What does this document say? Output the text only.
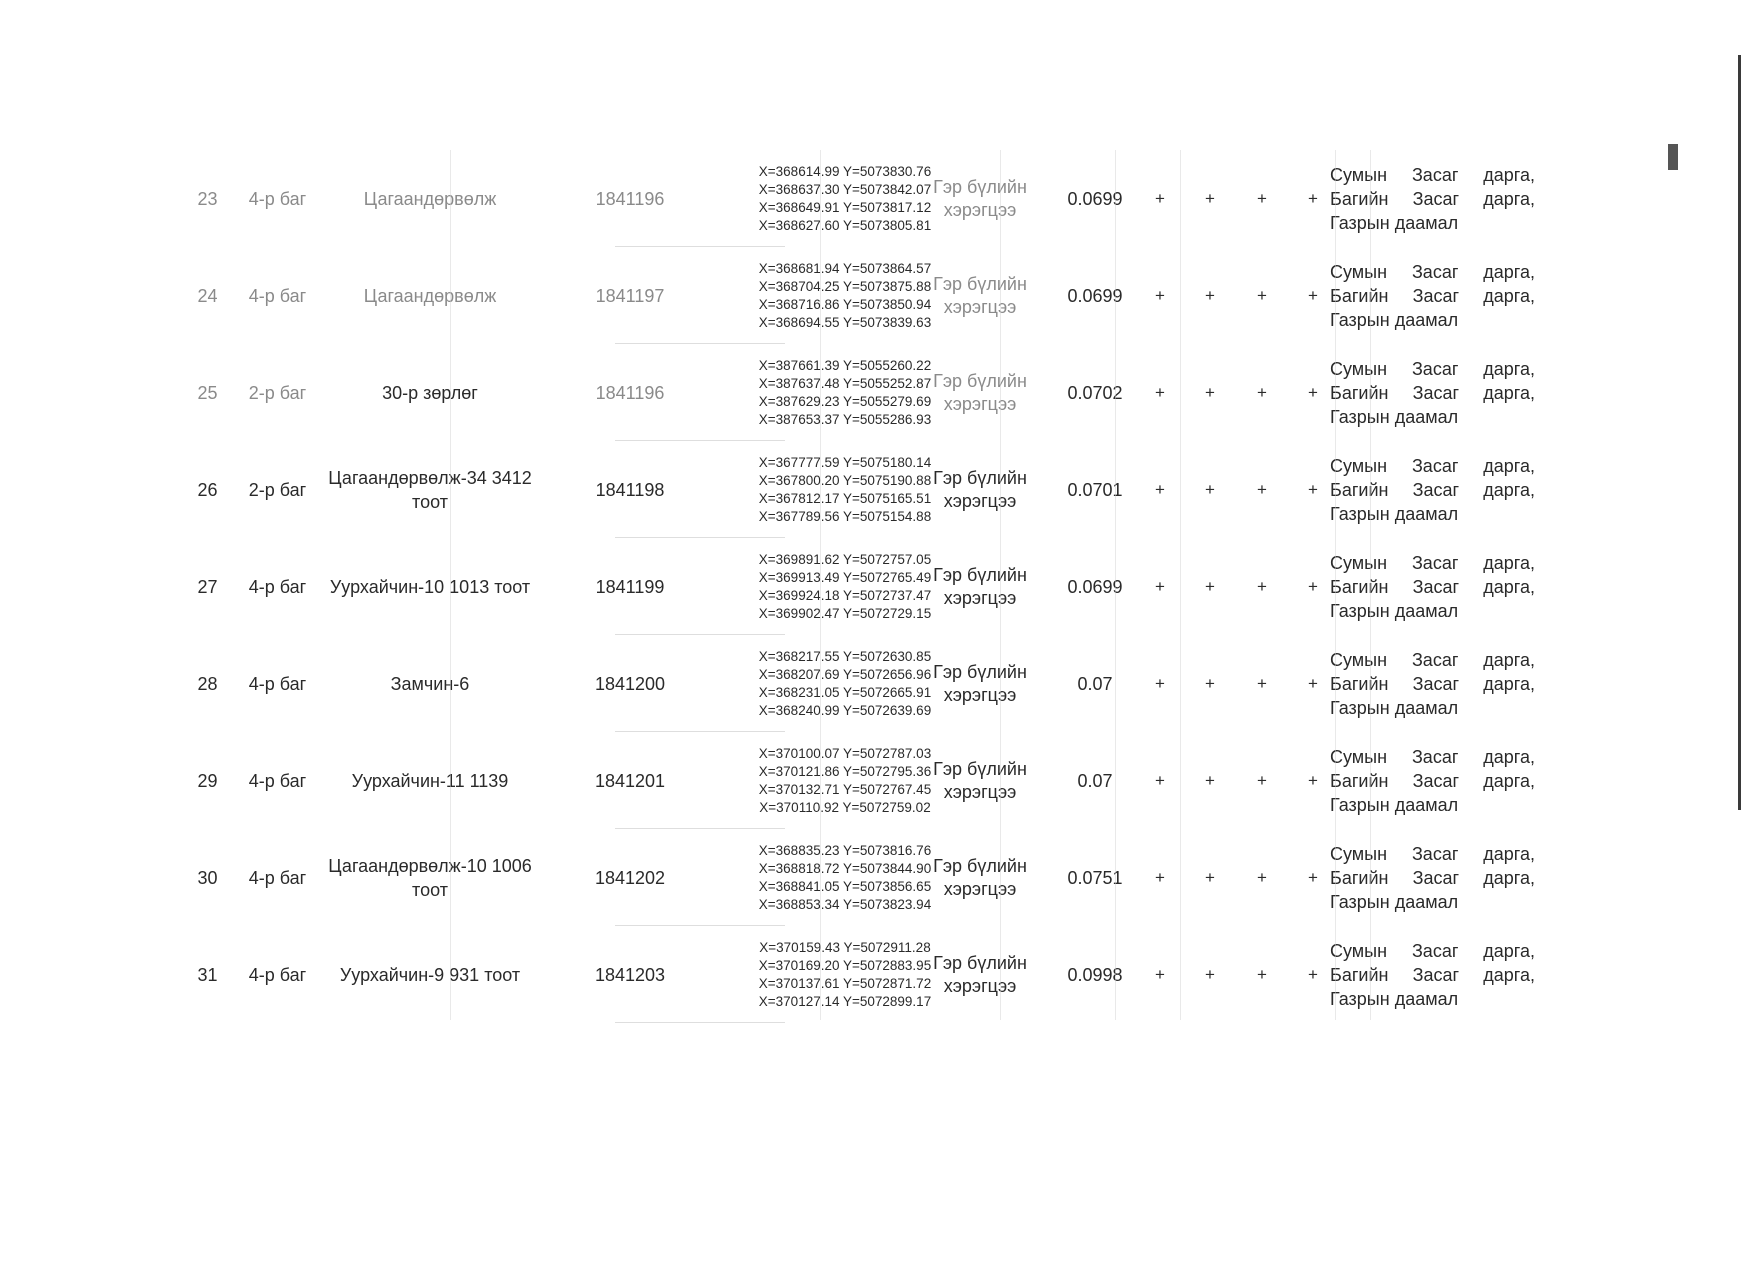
23	4-р баг	Цагаандөрвөлж	1841196
X=368614.99 Y=5073830.76
X=368637.30 Y=5073842.07
X=368649.91 Y=5073817.12
X=368627.60 Y=5073805.81
Гэр бүлийн хэрэгцээ
0.0699	+	+	+	+
Сумын Засаг дарга,
Багийн Засаг дарга,
Газрын даамал
24	4-р баг	Цагаандөрвөлж	1841197
X=368681.94 Y=5073864.57
X=368704.25 Y=5073875.88
X=368716.86 Y=5073850.94
X=368694.55 Y=5073839.63
Гэр бүлийн хэрэгцээ
0.0699	+	+	+	+
Сумын Засаг дарга,
Багийн Засаг дарга,
Газрын даамал
25	2-р баг	30-р зөрлөг	1841196
X=387661.39 Y=5055260.22
X=387637.48 Y=5055252.87
X=387629.23 Y=5055279.69
X=387653.37 Y=5055286.93
Гэр бүлийн хэрэгцээ
0.0702	+	+	+	+
Сумын Засаг дарга,
Багийн Засаг дарга,
Газрын даамал
26	2-р баг
Цагаандөрвөлж-34 3412 тоот
1841198
X=367777.59 Y=5075180.14
X=367800.20 Y=5075190.88
X=367812.17 Y=5075165.51
X=367789.56 Y=5075154.88
Гэр бүлийн хэрэгцээ
0.0701	+	+	+	+
Сумын Засаг дарга,
Багийн Засаг дарга,
Газрын даамал
27	4-р баг	Уурхайчин-10 1013 тоот	1841199
X=369891.62 Y=5072757.05
X=369913.49 Y=5072765.49
X=369924.18 Y=5072737.47
X=369902.47 Y=5072729.15
Гэр бүлийн хэрэгцээ
0.0699	+	+	+	+
Сумын Засаг дарга,
Багийн Засаг дарга,
Газрын даамал
28	4-р баг	Замчин-6	1841200
X=368217.55 Y=5072630.85
X=368207.69 Y=5072656.96
X=368231.05 Y=5072665.91
X=368240.99 Y=5072639.69
Гэр бүлийн хэрэгцээ
0.07	+	+	+	+
Сумын Засаг дарга,
Багийн Засаг дарга,
Газрын даамал
29	4-р баг	Уурхайчин-11 1139	1841201
X=370100.07 Y=5072787.03
X=370121.86 Y=5072795.36
X=370132.71 Y=5072767.45
X=370110.92 Y=5072759.02
Гэр бүлийн хэрэгцээ
0.07	+	+	+	+
Сумын Засаг дарга,
Багийн Засаг дарга,
Газрын даамал
30	4-р баг
Цагаандөрвөлж-10 1006 тоот
1841202
X=368835.23 Y=5073816.76
X=368818.72 Y=5073844.90
X=368841.05 Y=5073856.65
X=368853.34 Y=5073823.94
Гэр бүлийн хэрэгцээ
0.0751	+	+	+	+
Сумын Засаг дарга,
Багийн Засаг дарга,
Газрын даамал
31	4-р баг	Уурхайчин-9 931 тоот	1841203
X=370159.43 Y=5072911.28
X=370169.20 Y=5072883.95
X=370137.61 Y=5072871.72
X=370127.14 Y=5072899.17
Гэр бүлийн хэрэгцээ
0.0998	+	+	+	+
Сумын Засаг дарга,
Багийн Засаг дарга,
Газрын даамал
